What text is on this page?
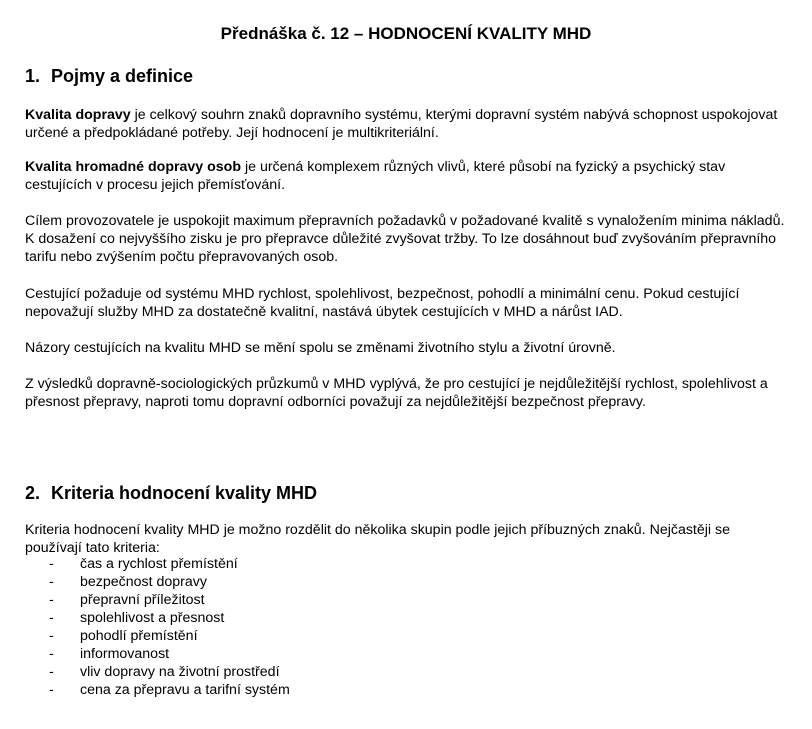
Přednáška č. 12 – HODNOCENÍ KVALITY MHD
1. Pojmy a definice

Kvalita dopravy je celkový souhrn znaků dopravního systému, kterými dopravní systém nabývá schopnost uspokojovat určené a předpokládané potřeby. Její hodnocení je multikriteriální.

Kvalita hromadné dopravy osob je určená komplexem různých vlivů, které působí na fyzický a psychický stav cestujících v procesu jejich přemísťování.

Cílem provozovatele je uspokojit maximum přepravních požadavků v požadované kvalitě s vynaložením minima nákladů. K dosažení co nejvyššího zisku je pro přepravce důležité zvyšovat tržby. To lze dosáhnout buď zvyšováním přepravního tarifu nebo zvýšením počtu přepravovaných osob.

Cestující požaduje od systému MHD rychlost, spolehlivost, bezpečnost, pohodlí a minimální cenu. Pokud cestující nepovažují služby MHD za dostatečně kvalitní, nastává úbytek cestujících v MHD a nárůst IAD.

Názory cestujících na kvalitu MHD se mění spolu se změnami životního stylu a životní úrovně.

Z výsledků dopravně-sociologických průzkumů v MHD vyplývá, že pro cestující je nejdůležitější rychlost, spolehlivost a přesnost přepravy, naproti tomu dopravní odborníci považují za nejdůležitější bezpečnost přepravy.

2. Kriteria hodnocení kvality MHD

Kriteria hodnocení kvality MHD je možno rozdělit do několika skupin podle jejich příbuzných znaků. Nejčastěji se používají tato kriteria:

- čas a rychlost přemístění
- bezpečnost dopravy
- přepravní příležitost
- spolehlivost a přesnost
- pohodlí přemístění
- informovanost
- vliv dopravy na životní prostředí
- cena za přepravu a tarifní systém
